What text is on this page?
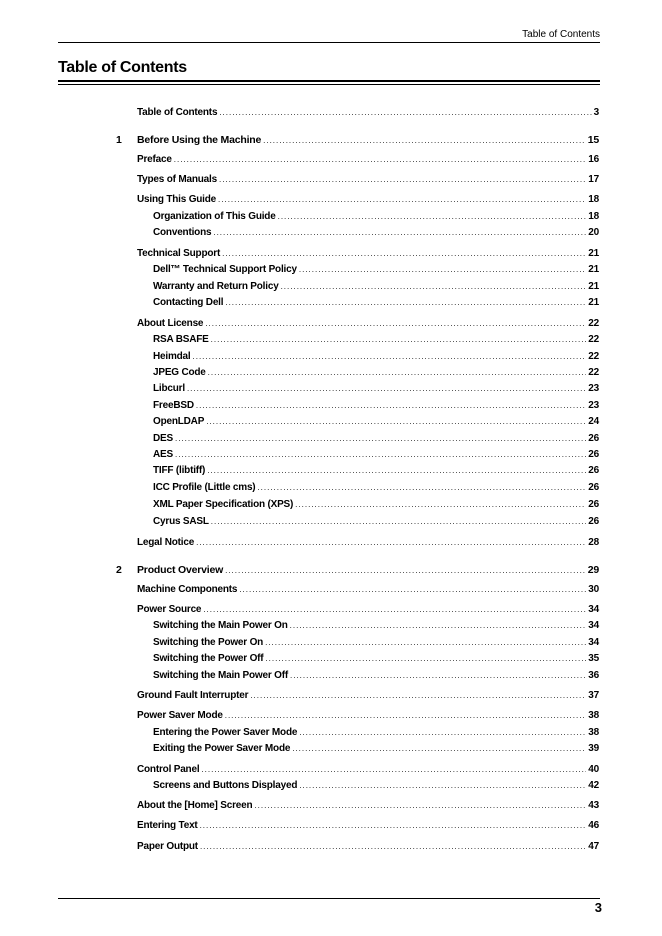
Table of Contents
Table of Contents
Table of Contents .....	3
1 Before Using the Machine .....	15
Preface .....	16
Types of Manuals .....	17
Using This Guide .....	18
Organization of This Guide .....	18
Conventions .....	20
Technical Support .....	21
Dell™ Technical Support Policy .....	21
Warranty and Return Policy .....	21
Contacting Dell .....	21
About License .....	22
RSA BSAFE .....	22
Heimdal .....	22
JPEG Code .....	22
Libcurl .....	23
FreeBSD .....	23
OpenLDAP .....	24
DES .....	26
AES .....	26
TIFF (libtiff) .....	26
ICC Profile (Little cms) .....	26
XML Paper Specification (XPS) .....	26
Cyrus SASL .....	26
Legal Notice .....	28
2 Product Overview .....	29
Machine Components .....	30
Power Source .....	34
Switching the Main Power On .....	34
Switching the Power On .....	34
Switching the Power Off .....	35
Switching the Main Power Off .....	36
Ground Fault Interrupter .....	37
Power Saver Mode .....	38
Entering the Power Saver Mode .....	38
Exiting the Power Saver Mode .....	39
Control Panel .....	40
Screens and Buttons Displayed .....	42
About the [Home] Screen .....	43
Entering Text .....	46
Paper Output .....	47
3
